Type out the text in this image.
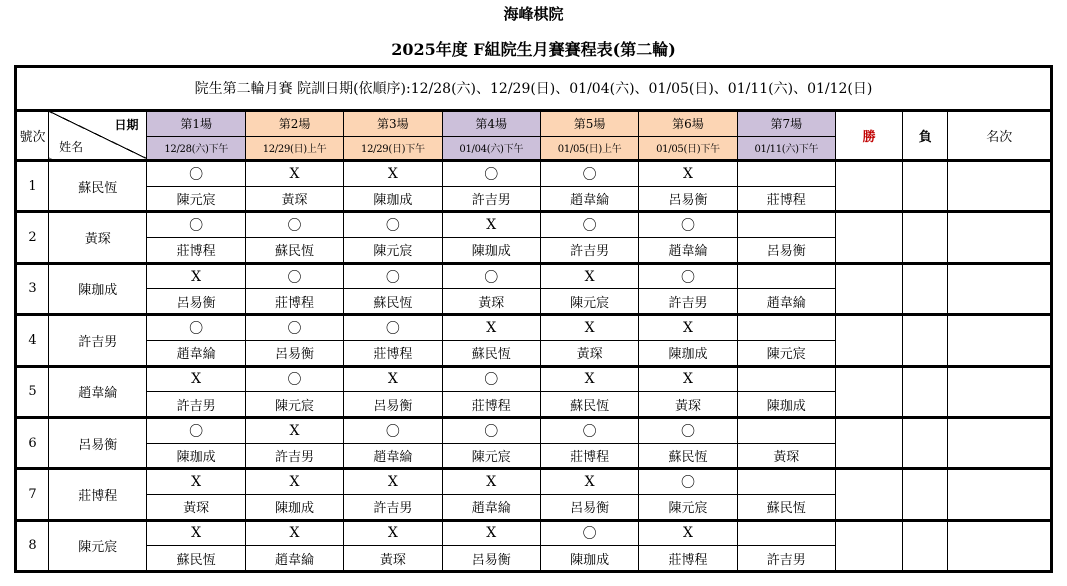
海峰棋院
2025年度 F組院生月賽賽程表(第二輪)
院生第二輪月賽 院訓日期(依順序):12/28(六)、12/29(日)、01/04(六)、01/05(日)、01/11(六)、01/12(日)											
號次	日期
姓名	第1場	第2場	第3場	第4場	第5場	第6場	第7場	勝	負	名次
		12/28(六)下午	12/29(日)上午	12/29(日)下午	01/04(六)下午	01/05(日)上午	01/05(日)下午	01/11(六)下午			
1	蘇民恆	〇	X	X	〇	〇	X				
		陳元宸	黃琛	陳珈成	許吉男	趙韋綸	呂易衡	莊博程			
2	黃琛	〇	〇	〇	X	〇	〇				
		莊博程	蘇民恆	陳元宸	陳珈成	許吉男	趙韋綸	呂易衡			
3	陳珈成	X	〇	〇	〇	X	〇				
		呂易衡	莊博程	蘇民恆	黃琛	陳元宸	許吉男	趙韋綸			
4	許吉男	〇	〇	〇	X	X	X				
		趙韋綸	呂易衡	莊博程	蘇民恆	黃琛	陳珈成	陳元宸			
5	趙韋綸	X	〇	X	〇	X	X				
		許吉男	陳元宸	呂易衡	莊博程	蘇民恆	黃琛	陳珈成			
6	呂易衡	〇	X	〇	〇	〇	〇				
		陳珈成	許吉男	趙韋綸	陳元宸	莊博程	蘇民恆	黃琛			
7	莊博程	X	X	X	X	X	〇				
		黃琛	陳珈成	許吉男	趙韋綸	呂易衡	陳元宸	蘇民恆			
8	陳元宸	X	X	X	X	〇	X				
		蘇民恆	趙韋綸	黃琛	呂易衡	陳珈成	莊博程	許吉男			
